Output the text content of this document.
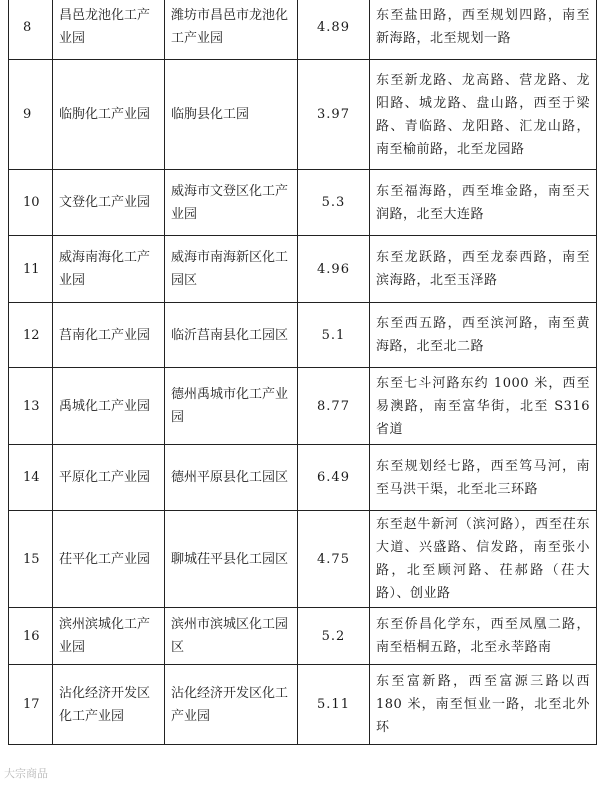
8	昌邑龙池化工产业园	潍坊市昌邑市龙池化工产业园	4.89	东至盐田路，西至规划四路，南至新海路，北至规划一路
9	临朐化工产业园	临朐县化工园	3.97	东至新龙路、龙高路、营龙路、龙阳路、城龙路、盘山路，西至于梁路、青临路、龙阳路、汇龙山路，南至榆前路，北至龙园路
10	文登化工产业园	威海市文登区化工产业园	5.3	东至福海路，西至堆金路，南至天润路，北至大连路
11	威海南海化工产业园	威海市南海新区化工园区	4.96	东至龙跃路，西至龙泰西路，南至滨海路，北至玉泽路
12	莒南化工产业园	临沂莒南县化工园区	5.1	东至西五路，西至滨河路，南至黄海路，北至北二路
13	禹城化工产业园	德州禹城市化工产业园	8.77	东至七斗河路东约 1000 米，西至易澳路，南至富华街，北至 S316 省道
14	平原化工产业园	德州平原县化工园区	6.49	东至规划经七路，西至笃马河，南至马洪干渠，北至北三环路
15	茌平化工产业园	聊城茌平县化工园区	4.75	东至赵牛新河（滨河路），西至茌东大道、兴盛路、信发路，南至张小路，北至顾河路、茌郝路（茌大路）、创业路
16	滨州滨城化工产业园	滨州市滨城区化工园区	5.2	东至侨昌化学东，西至凤凰二路，南至梧桐五路，北至永莘路南
17	沾化经济开发区化工产业园	沾化经济开发区化工产业园	5.11	东至富新路，西至富源三路以西 180 米，南至恒业一路，北至北外环
大宗商品
